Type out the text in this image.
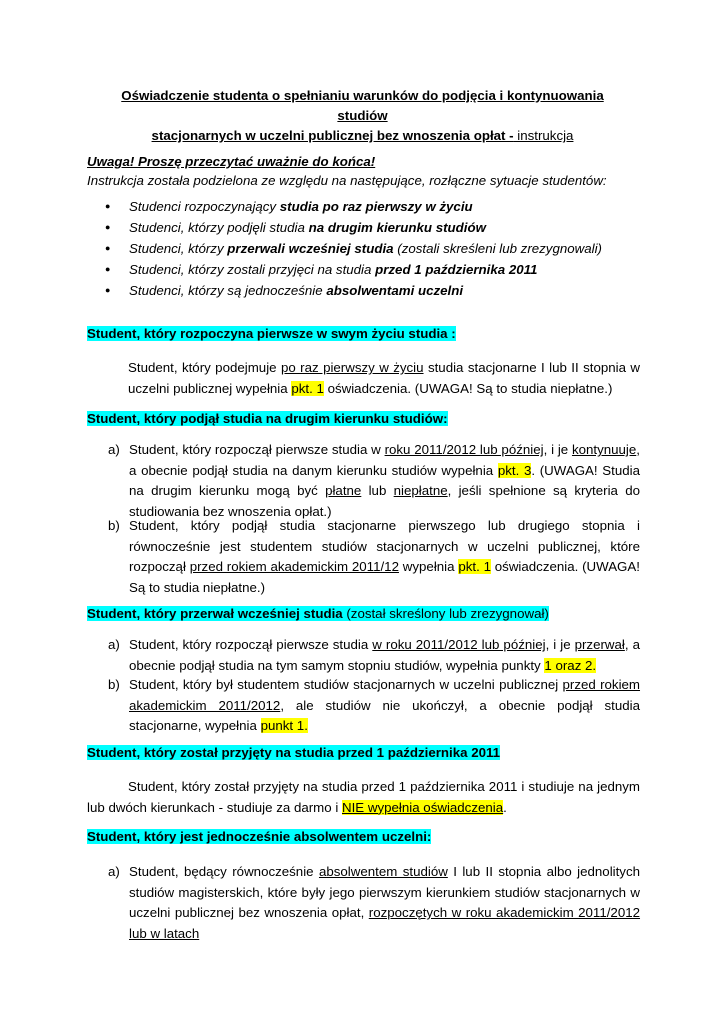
Oświadczenie studenta o spełnianiu warunków do podjęcia i kontynuowania studiów
stacjonarnych w uczelni publicznej bez wnoszenia opłat - instrukcja
Uwaga! Proszę przeczytać uważnie do końca!
Instrukcja została podzielona ze względu na następujące, rozłączne sytuacje studentów:
● Studenci rozpoczynający studia po raz pierwszy w życiu
● Studenci, którzy podjęli studia na drugim kierunku studiów
● Studenci, którzy przerwali wcześniej studia (zostali skreśleni lub zrezygnowali)
● Studenci, którzy zostali przyjęci na studia przed 1 października 2011
● Studenci, którzy są jednocześnie absolwentami uczelni
Student, który rozpoczyna pierwsze w swym życiu studia :
Student, który podejmuje po raz pierwszy w życiu studia stacjonarne I lub II stopnia w uczelni publicznej wypełnia pkt. 1 oświadczenia. (UWAGA! Są to studia niepłatne.)
Student, który podjął studia na drugim kierunku studiów:
a) Student, który rozpoczął pierwsze studia w roku 2011/2012 lub później, i je kontynuuje, a obecnie podjął studia na danym kierunku studiów wypełnia pkt. 3. (UWAGA! Studia na drugim kierunku mogą być płatne lub niepłatne, jeśli spełnione są kryteria do studiowania bez wnoszenia opłat.)
b) Student, który podjął studia stacjonarne pierwszego lub drugiego stopnia i równocześnie jest studentem studiów stacjonarnych w uczelni publicznej, które rozpoczął przed rokiem akademickim 2011/12 wypełnia pkt. 1 oświadczenia. (UWAGA! Są to studia niepłatne.)
Student, który przerwał wcześniej studia (został skreślony lub zrezygnował)
a) Student, który rozpoczął pierwsze studia w roku 2011/2012 lub później, i je przerwał, a obecnie podjął studia na tym samym stopniu studiów, wypełnia punkty 1 oraz 2.
b) Student, który był studentem studiów stacjonarnych w uczelni publicznej przed rokiem akademickim 2011/2012, ale studiów nie ukończył, a obecnie podjął studia stacjonarne, wypełnia punkt 1.
Student, który został przyjęty na studia przed 1 października 2011
Student, który został przyjęty na studia przed 1 października 2011 i studiuje na jednym lub dwóch kierunkach - studiuje za darmo i NIE wypełnia oświadczenia.
Student, który jest jednocześnie absolwentem uczelni:
a) Student, będący równocześnie absolwentem studiów I lub II stopnia albo jednolitych studiów magisterskich, które były jego pierwszym kierunkiem studiów stacjonarnych w uczelni publicznej bez wnoszenia opłat, rozpoczętych w roku akademickim 2011/2012 lub w latach
